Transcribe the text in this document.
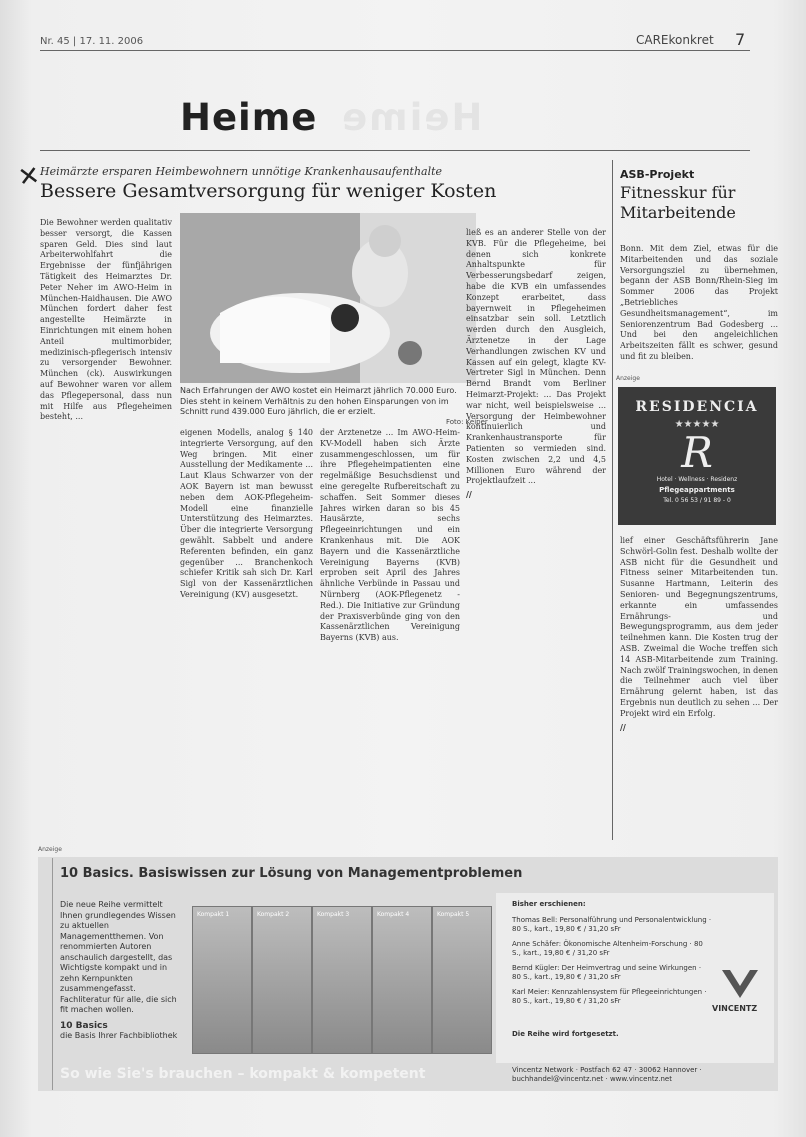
Nr. 45 | 17. 11. 2006	CAREkonkret 7
Heime Heime
✕
Heimärzte ersparen Heimbewohnern unnötige Krankenhausaufenthalte
Bessere Gesamtversorgung für weniger Kosten

Die Bewohner werden qualitativ besser versorgt, die Kassen sparen Geld. Dies sind laut Arbeiterwohlfahrt die Ergebnisse der fünfjährigen Tätigkeit des Heimarztes Dr. Peter Neher im AWO-Heim in München-Haidhausen. Die AWO München fordert daher fest angestellte Heimärzte in Einrichtungen mit einem hohen Anteil multimorbider, medizinisch-pflegerisch intensiv zu versorgender Bewohner. München (ck). Auswirkungen auf Bewohner waren vor allem das Pflegepersonal, dass nun mit Hilfe aus Pflegeheimen besteht, ...

Nach Erfahrungen der AWO kostet ein Heimarzt jährlich 70.000 Euro. Dies steht in keinem Verhältnis zu den hohen Einsparungen von im Schnitt rund 439.000 Euro jährlich, die er erzielt.
Foto: Keiper

eigenen Modells, analog § 140 integrierte Versorgung, auf den Weg bringen. Mit einer Ausstellung der Medikamente ... Laut Klaus Schwarzer von der AOK Bayern ist man bewusst neben dem AOK-Pflegeheim-Modell eine finanzielle Unterstützung des Heimarztes. Über die integrierte Versorgung gewählt. Sabbelt und andere Referenten befinden, ein ganz gegenüber ... Branchenkoch schiefer Kritik sah sich Dr. Karl Sigl von der Kassenärztlichen Vereinigung (KV) ausgesetzt.

der Ärztenetze ... Im AWO-Heim-KV-Modell haben sich Ärzte zusammengeschlossen, um für ihre Pflegeheimpatienten eine regelmäßige Besuchsdienst und eine geregelte Rufbereitschaft zu schaffen. Seit Sommer dieses Jahres wirken daran so bis 45 Hausärzte, sechs Pflegeeinrichtungen und ein Krankenhaus mit. Die AOK Bayern und die Kassenärztliche Vereinigung Bayerns (KVB) erproben seit April des Jahres ähnliche Verbünde in Passau und Nürnberg (AOK-Pflegenetz - Red.). Die Initiative zur Gründung der Praxisverbünde ging von den Kassenärztlichen Vereinigung Bayerns (KVB) aus.

ließ es an anderer Stelle von der KVB. Für die Pflegeheime, bei denen sich konkrete Anhaltspunkte für Verbesserungsbedarf zeigen, habe die KVB ein umfassendes Konzept erarbeitet, dass bayernweit in Pflegeheimen einsatzbar sein soll. Letztlich werden durch den Ausgleich, Ärztenetze in der Lage Verhandlungen zwischen KV und Kassen auf ein gelegt, klagte KV-Vertreter Sigl in München. Denn Bernd Brandt vom Berliner Heimarzt-Projekt: ... Das Projekt war nicht, weil beispielsweise ... Versorgung der Heimbewohner kontinuierlich und Krankenhaustransporte für Patienten so vermieden sind. Kosten zwischen 2,2 und 4,5 Millionen Euro während der Projektlaufzeit ...

//
ASB-Projekt
Fitnesskur für Mitarbeitende

Bonn. Mit dem Ziel, etwas für die Mitarbeitenden und das soziale Versorgungsziel zu übernehmen, begann der ASB Bonn/Rhein-Sieg im Sommer 2006 das Projekt „Betriebliches Gesundheitsmanagement“, im Seniorenzentrum Bad Godesberg ... Und bei den angeleichlichen Arbeitszeiten fällt es schwer, gesund und fit zu bleiben.

Anzeige
RESIDENCIA
★★★★★
R
Hotel · Wellness · Residenz
Pflegeappartments
Tel. 0 56 53 / 91 89 - 0

lief einer Geschäftsführerin Jane Schwörl-Golin fest. Deshalb wollte der ASB nicht für die Gesundheit und Fitness seiner Mitarbeitenden tun. Susanne Hartmann, Leiterin des Senioren- und Begegnungszentrums, erkannte ein umfassendes Ernährungs- und Bewegungsprogramm, aus dem jeder teilnehmen kann. Die Kosten trug der ASB. Zweimal die Woche treffen sich 14 ASB-Mitarbeitende zum Training. Nach zwölf Trainingswochen, in denen die Teilnehmer auch viel über Ernährung gelernt haben, ist das Ergebnis nun deutlich zu sehen ... Der Projekt wird ein Erfolg.

//
Anzeige
10 Basics. Basiswissen zur Lösung von Managementproblemen
Die neue Reihe vermittelt Ihnen grundlegendes Wissen zu aktuellen Managementthemen. Von renommierten Autoren anschaulich dargestellt, das Wichtigste kompakt und in zehn Kernpunkten zusammengefasst. Fachliteratur für alle, die sich fit machen wollen.
10 Basics
die Basis Ihrer Fachbibliothek
Kompakt 1	Kompakt 2	Kompakt 3	Kompakt 4	Kompakt 5
Bisher erschienen:
Thomas Bell: Personalführung und Personalentwicklung · 80 S., kart., 19,80 € / 31,20 sFr
Anne Schäfer: Ökonomische Altenheim-Forschung · 80 S., kart., 19,80 € / 31,20 sFr
Bernd Kügler: Der Heimvertrag und seine Wirkungen · 80 S., kart., 19,80 € / 31,20 sFr
Karl Meier: Kennzahlensystem für Pflegeeinrichtungen · 80 S., kart., 19,80 € / 31,20 sFr
Die Reihe wird fortgesetzt.
VINCENTZ
Vincentz Network · Postfach 62 47 · 30062 Hannover · buchhandel@vincentz.net · www.vincentz.net
So wie Sie's brauchen – kompakt & kompetent
